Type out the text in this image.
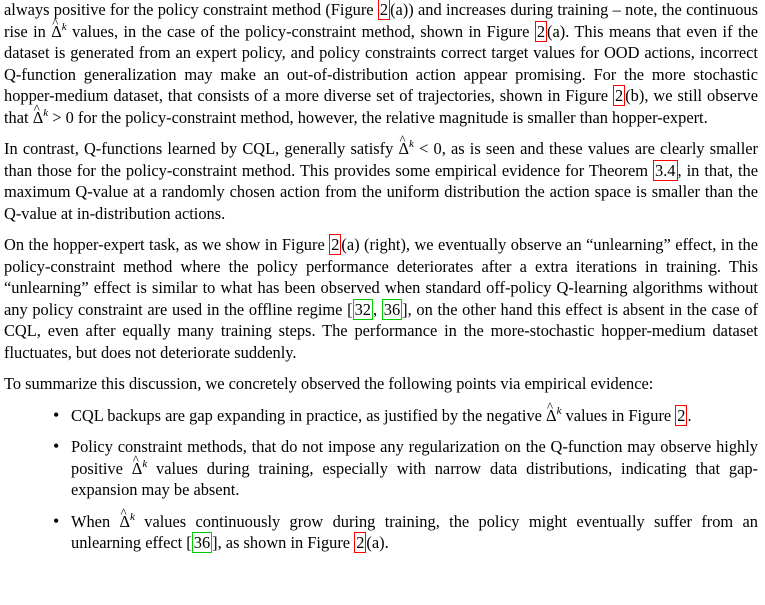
always positive for the policy constraint method (Figure 2 (a)) and increases during training – note, the continuous rise in ^ $\Delta^k$ values, in the case of the policy-constraint method, shown in Figure 2 (a). This means that even if the dataset is generated from an expert policy, and policy constraints correct target values for OOD actions, incorrect Q-function generalization may make an out-of-distribution action appear promising. For the more stochastic hopper-medium dataset, that consists of a more diverse set of trajectories, shown in Figure 2 (b), we still observe that ^ $\Delta^k > 0$ for the policy-constraint method, however, the relative magnitude is smaller than hopper-expert.

In contrast, Q-functions learned by CQL, generally satisfy ^ $\Delta^k < 0$, as is seen and these values are clearly smaller than those for the policy-constraint method. This provides some empirical evidence for Theorem 3.4 , in that, the maximum Q-value at a randomly chosen action from the uniform distribution the action space is smaller than the Q-value at in-distribution actions.

On the hopper-expert task, as we show in Figure 2 (a) (right), we eventually observe an “unlearning” effect, in the policy-constraint method where the policy performance deteriorates after a extra iterations in training. This “unlearning” effect is similar to what has been observed when standard off-policy Q-learning algorithms without any policy constraint are used in the offline regime [ 32 , 36 ], on the other hand this effect is absent in the case of CQL, even after equally many training steps. The performance in the more-stochastic hopper-medium dataset fluctuates, but does not deteriorate suddenly.

To summarize this discussion, we concretely observed the following points via empirical evidence:

• CQL backups are gap expanding in practice, as justified by the negative ^ $\Delta^k$ values in Figure 2 .
• Policy constraint methods, that do not impose any regularization on the Q-function may observe highly positive ^ $\Delta^k$ values during training, especially with narrow data distributions, indicating that gap-expansion may be absent.
• When ^ $\Delta^k$ values continuously grow during training, the policy might eventually suffer from an unlearning effect [ 36 ], as shown in Figure 2 (a).
